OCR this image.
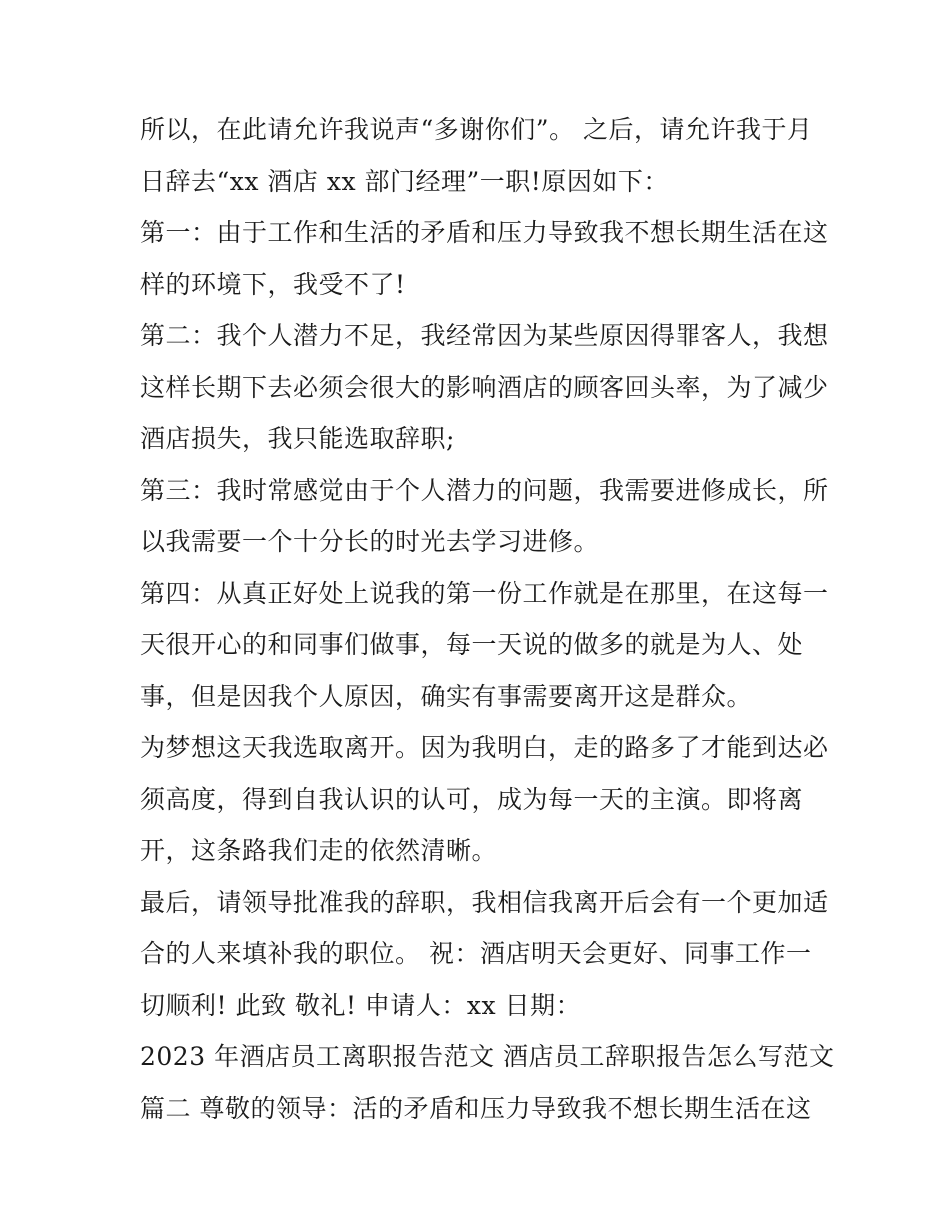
所以，在此请允许我说声“多谢你们”。 之后，请允许我于月
日辞去“xx 酒店 xx 部门经理”一职!原因如下：
第一：由于工作和生活的矛盾和压力导致我不想长期生活在这
样的环境下，我受不了!
第二：我个人潜力不足，我经常因为某些原因得罪客人，我想
这样长期下去必须会很大的影响酒店的顾客回头率，为了减少
酒店损失，我只能选取辞职;
第三：我时常感觉由于个人潜力的问题，我需要进修成长，所
以我需要一个十分长的时光去学习进修。
第四：从真正好处上说我的第一份工作就是在那里，在这每一
天很开心的和同事们做事，每一天说的做多的就是为人、处
事，但是因我个人原因，确实有事需要离开这是群众。
为梦想这天我选取离开。因为我明白，走的路多了才能到达必
须高度，得到自我认识的认可，成为每一天的主演。即将离
开，这条路我们走的依然清晰。
最后，请领导批准我的辞职，我相信我离开后会有一个更加适
合的人来填补我的职位。 祝：酒店明天会更好、同事工作一
切顺利! 此致 敬礼! 申请人：xx 日期：
2023 年酒店员工离职报告范文 酒店员工辞职报告怎么写范文
篇二 尊敬的领导：活的矛盾和压力导致我不想长期生活在这
